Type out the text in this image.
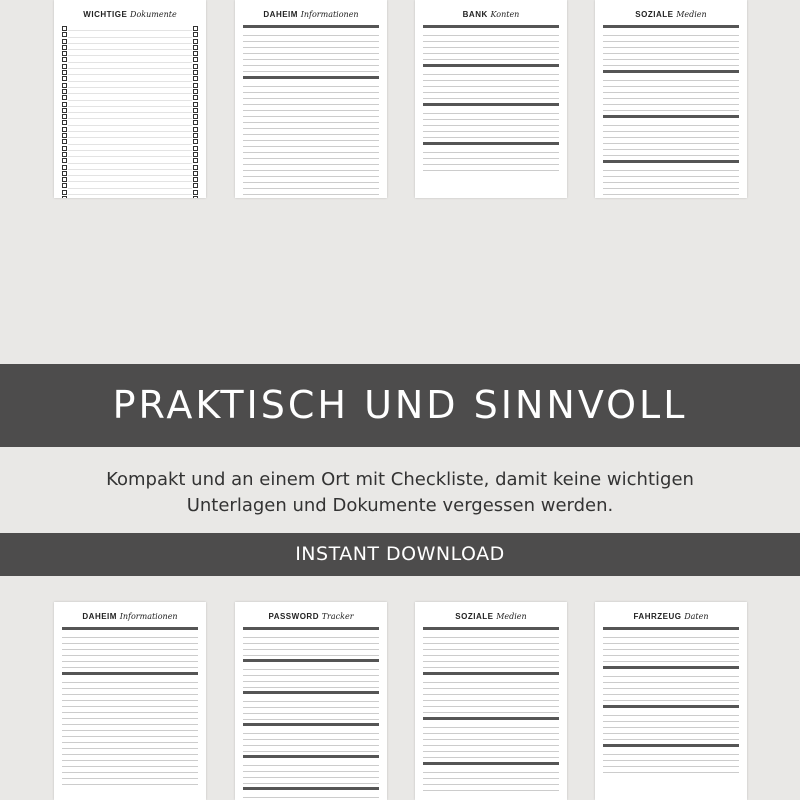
WICHTIGE Dokumente	DAHEIM Informationen	BANK Konten	SOZIALE Medien
PRAKTISCH UND SINNVOLL
Kompakt und an einem Ort mit Checkliste, damit keine wichtigen
Unterlagen und Dokumente vergessen werden.
INSTANT DOWNLOAD
DAHEIM Informationen	PASSWORD Tracker	SOZIALE Medien	FAHRZEUG Daten
